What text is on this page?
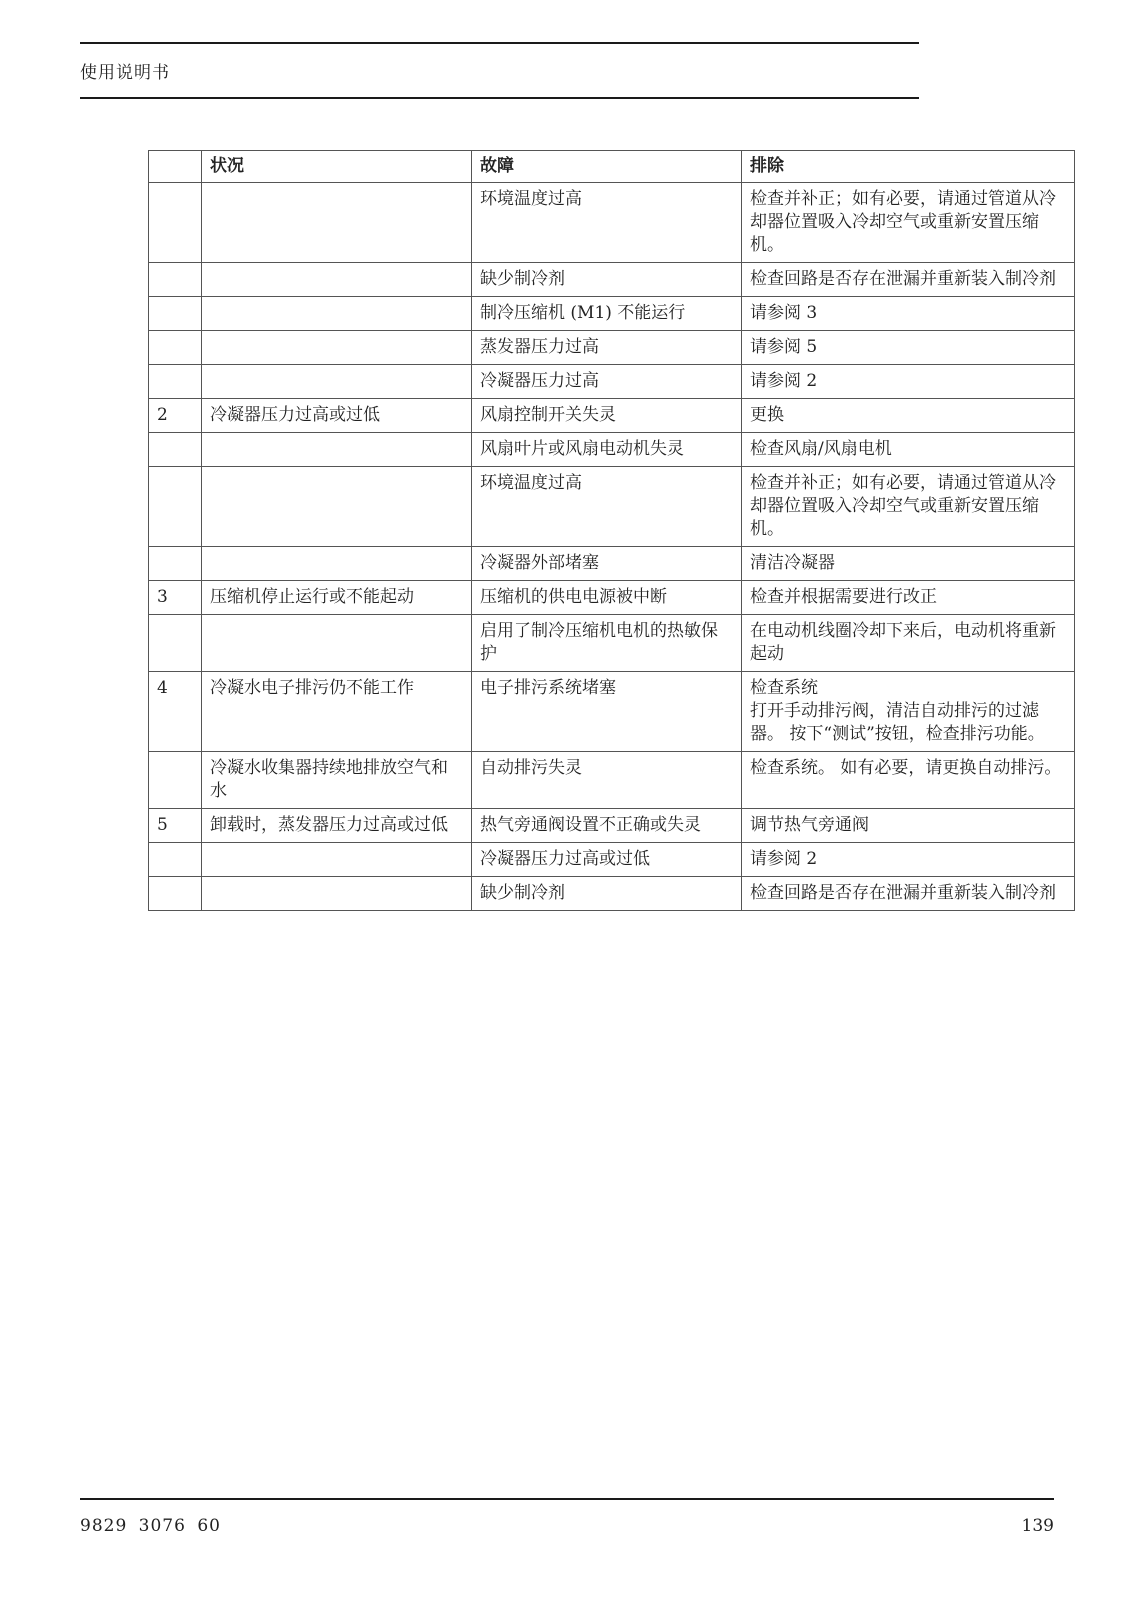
使用说明书
	状况	故障	排除
		环境温度过高	检查并补正；如有必要，请通过管道从冷却器位置吸入冷却空气或重新安置压缩机。

		缺少制冷剂	检查回路是否存在泄漏并重新装入制冷剂

		制冷压缩机 (M1) 不能运行	请参阅 3

		蒸发器压力过高	请参阅 5

		冷凝器压力过高	请参阅 2

2	冷凝器压力过高或过低	风扇控制开关失灵	更换

		风扇叶片或风扇电动机失灵	检查风扇/风扇电机

		环境温度过高	检查并补正；如有必要，请通过管道从冷却器位置吸入冷却空气或重新安置压缩机。

		冷凝器外部堵塞	清洁冷凝器

3	压缩机停止运行或不能起动	压缩机的供电电源被中断	检查并根据需要进行改正

		启用了制冷压缩机电机的热敏保护	在电动机线圈冷却下来后，电动机将重新起动

4	冷凝水电子排污仍不能工作	电子排污系统堵塞	检查系统
打开手动排污阀，清洁自动排污的过滤器。 按下“测试”按钮，检查排污功能。

	冷凝水收集器持续地排放空气和水	自动排污失灵	检查系统。 如有必要，请更换自动排污。

5	卸载时，蒸发器压力过高或过低	热气旁通阀设置不正确或失灵	调节热气旁通阀

		冷凝器压力过高或过低	请参阅 2

		缺少制冷剂	检查回路是否存在泄漏并重新装入制冷剂
9829 3076 60	139
